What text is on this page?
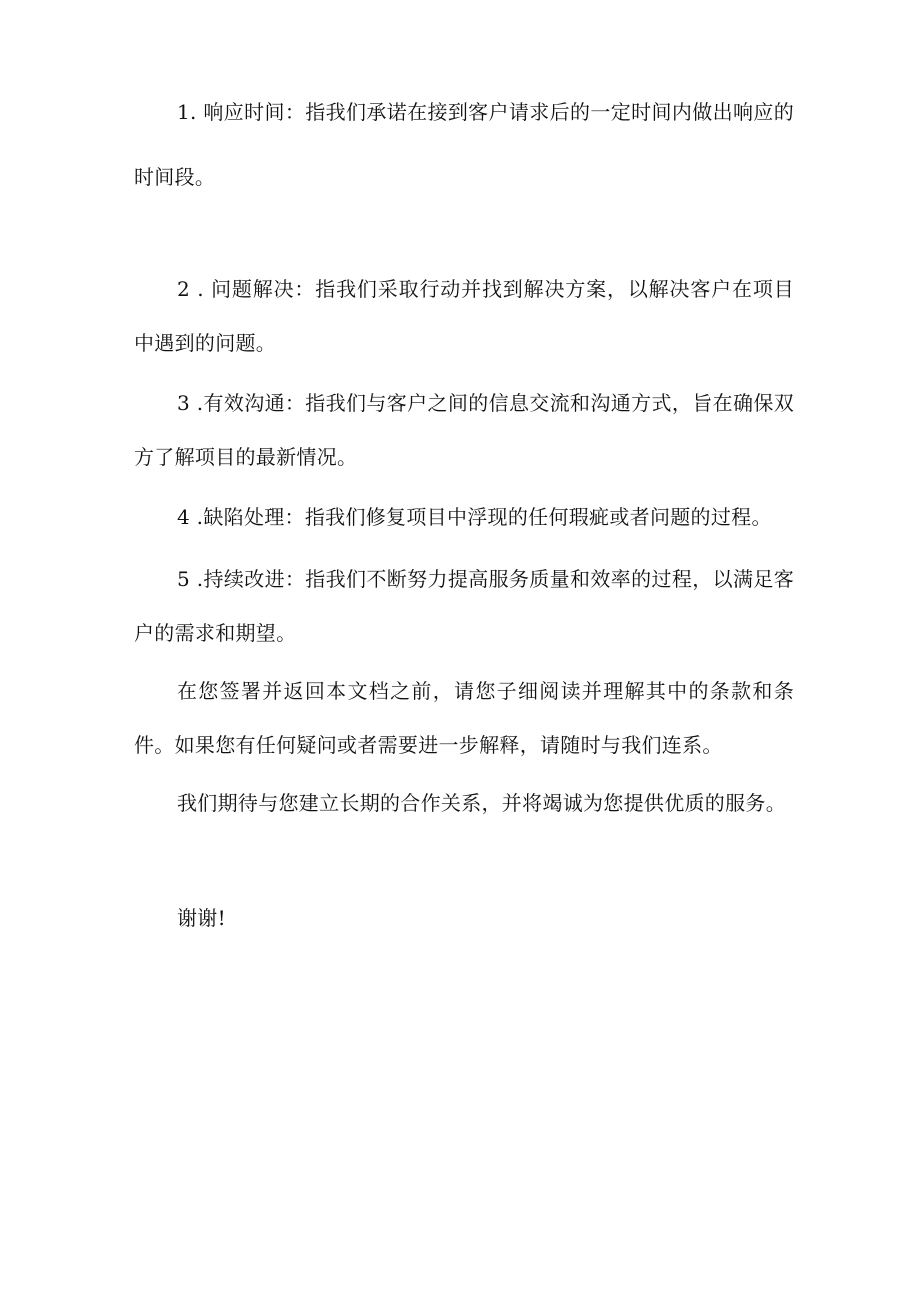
1. 响应时间：指我们承诺在接到客户请求后的一定时间内做出响应的时间段。

2 . 问题解决：指我们采取行动并找到解决方案，以解决客户在项目中遇到的问题。

3 .有效沟通：指我们与客户之间的信息交流和沟通方式，旨在确保双方了解项目的最新情况。

4 .缺陷处理：指我们修复项目中浮现的任何瑕疵或者问题的过程。

5 .持续改进：指我们不断努力提高服务质量和效率的过程，以满足客户的需求和期望。

在您签署并返回本文档之前，请您子细阅读并理解其中的条款和条件。如果您有任何疑问或者需要进一步解释，请随时与我们连系。

我们期待与您建立长期的合作关系，并将竭诚为您提供优质的服务。

谢谢!
